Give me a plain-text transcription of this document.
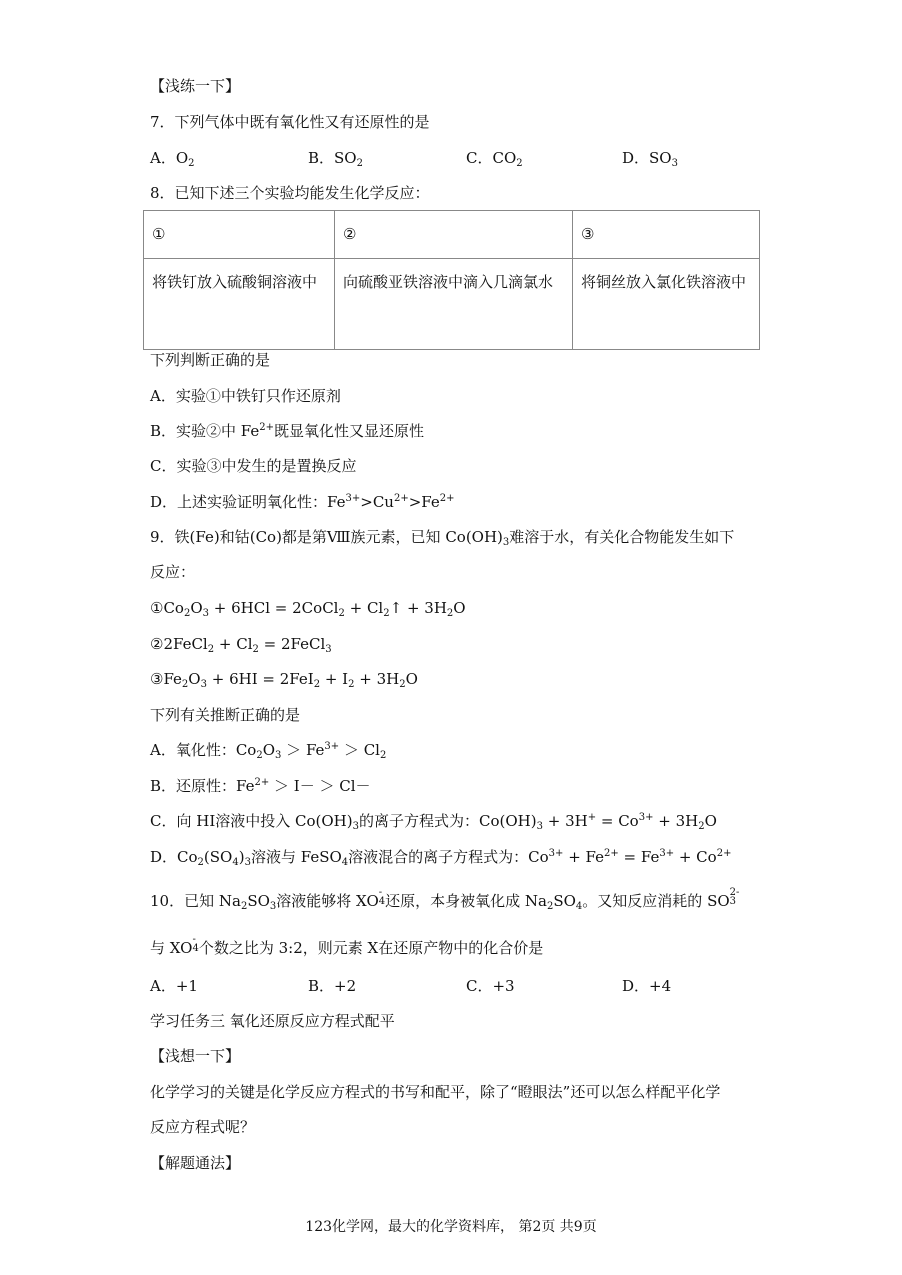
【浅练一下】
7．下列气体中既有氧化性又有还原性的是
A．$O_2$	B．$SO_2$	C．$CO_2$	D．$SO_3$
8．已知下述三个实验均能发生化学反应：
①	②	③
将铁钉放入硫酸铜溶液中	向硫酸亚铁溶液中滴入几滴氯水	将铜丝放入氯化铁溶液中
下列判断正确的是
A．实验①中铁钉只作还原剂
B．实验②中 $Fe^{2+}$既显氧化性又显还原性
C．实验③中发生的是置换反应
D．上述实验证明氧化性：$Fe^{3+}>Cu^{2+}>Fe^{2+}$
9．铁(Fe)和钴(Co)都是第Ⅷ族元素，已知 $Co(OH)_3$难溶于水，有关化合物能发生如下
反应：
$①Co_2O_3 + 6HCl$ = 2CoCl$_2$ + $Cl_2↑ + 3H_2O$
②2FeCl$_2$ + $Cl_2$ = 2FeCl$_3$
$③Fe_2O_3 + 6HI = 2FeI_2 + I_2 + 3H_2O$
下列有关推断正确的是
A．氧化性：$Co_2O_3 > Fe^{3+} > Cl_2$
B．还原性：$Fe^{2+} > I- > Cl-$
C．向 HI溶液中投入 $Co(OH)_3$的离子方程式为：$Co(OH)_3 + 3H^+ = Co^{3+} + 3H_2O$
D．$Co_2(SO_4)_3$溶液与 FeSO$_4$溶液混合的离子方程式为：$Co^{3+} + Fe^{2+} = Fe^{3+} + Co^{2+}$
10．已知 $Na_2SO_3$溶液能够将 XO-
4还原，本身被氧化成 $Na_2SO_4$。又知反应消耗的 SO2-
3
与 XO-
4个数之比为 3:2，则元素 X在还原产物中的化合价是
A．+1	B．+2	C．+3	D．+4
学习任务三 氧化还原反应方程式配平
【浅想一下】
化学学习的关键是化学反应方程式的书写和配平，除了“瞪眼法”还可以怎么样配平化学
反应方程式呢？
【解题通法】
123化学网，最大的化学资料库， 第2页 共9页
